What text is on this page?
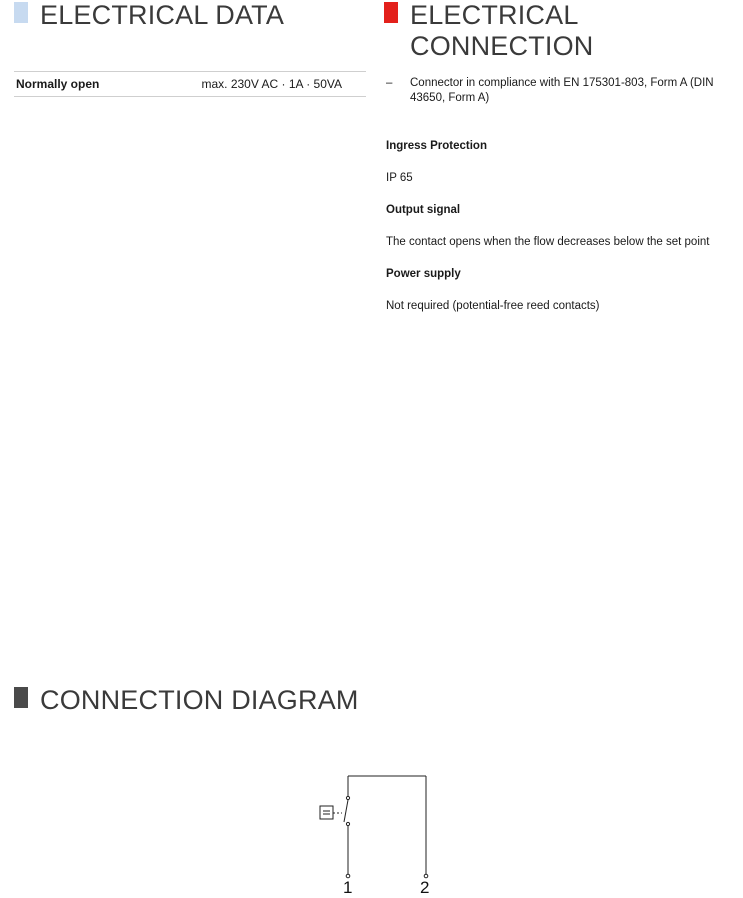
ELECTRICAL DATA
Normally open	max. 230V AC · 1A · 50VA
ELECTRICAL
CONNECTION
–	Connector in compliance with EN 175301-803, Form A (DIN 43650, Form A)
Ingress Protection
IP 65
Output signal
The contact opens when the flow decreases below the set point
Power supply
Not required (potential-free reed contacts)
CONNECTION DIAGRAM
1	2
